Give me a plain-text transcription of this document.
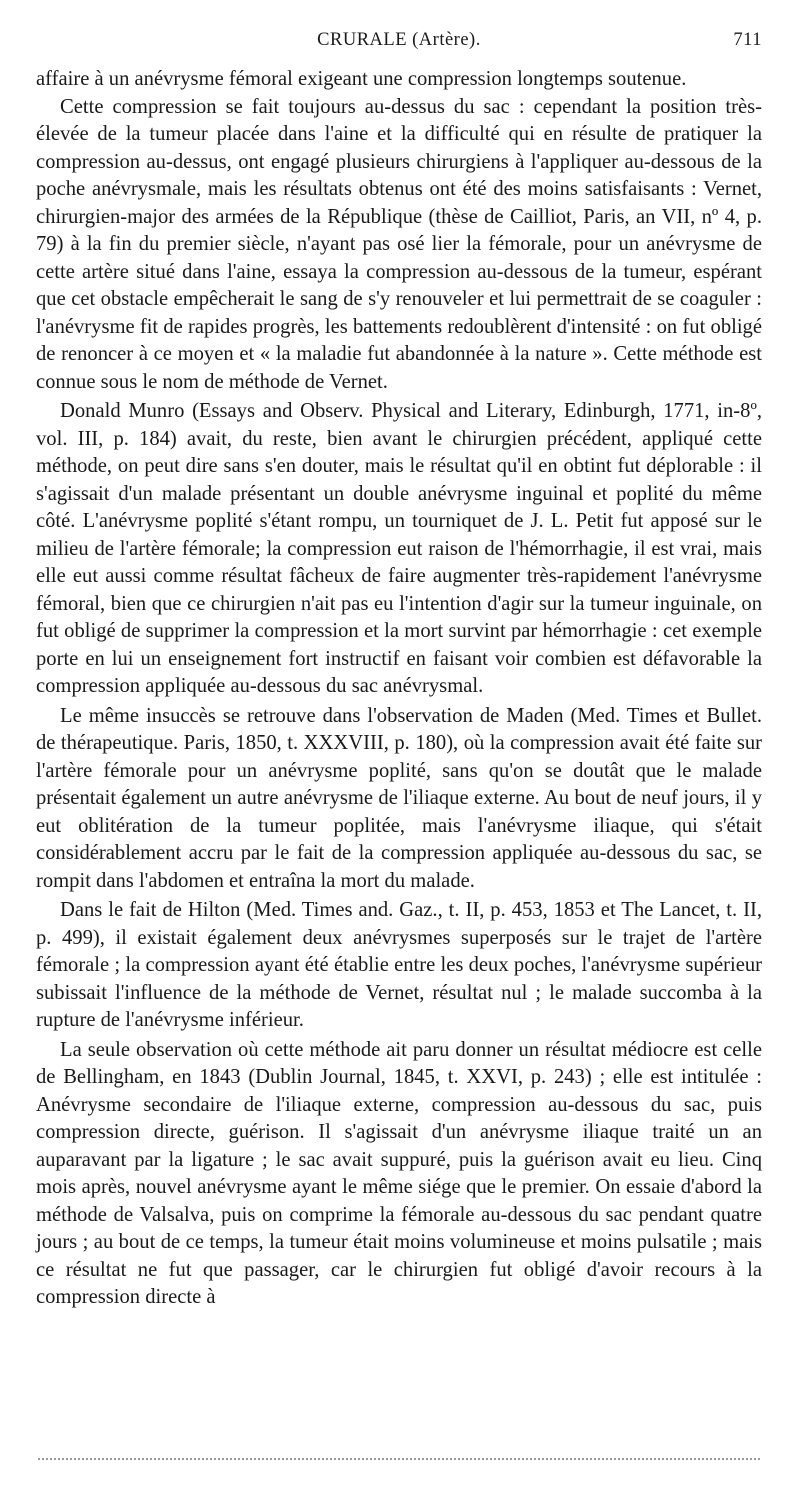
CRURALE (Artère).	711

affaire à un anévrysme fémoral exigeant une compression longtemps soutenue.

Cette compression se fait toujours au-dessus du sac : cependant la position très-élevée de la tumeur placée dans l'aine et la difficulté qui en résulte de pratiquer la compression au-dessus, ont engagé plusieurs chirurgiens à l'appliquer au-dessous de la poche anévrysmale, mais les résultats obtenus ont été des moins satisfaisants : Vernet, chirurgien-major des armées de la République (thèse de Cailliot, Paris, an VII, nº 4, p. 79) à la fin du premier siècle, n'ayant pas osé lier la fémorale, pour un anévrysme de cette artère situé dans l'aine, essaya la compression au-dessous de la tumeur, espérant que cet obstacle empêcherait le sang de s'y renouveler et lui permettrait de se coaguler : l'anévrysme fit de rapides progrès, les battements redoublèrent d'intensité : on fut obligé de renoncer à ce moyen et « la maladie fut abandonnée à la nature ». Cette méthode est connue sous le nom de méthode de Vernet.

Donald Munro (Essays and Observ. Physical and Literary, Edinburgh, 1771, in-8º, vol. III, p. 184) avait, du reste, bien avant le chirurgien précédent, appliqué cette méthode, on peut dire sans s'en douter, mais le résultat qu'il en obtint fut déplorable : il s'agissait d'un malade présentant un double anévrysme inguinal et poplité du même côté. L'anévrysme poplité s'étant rompu, un tourniquet de J. L. Petit fut apposé sur le milieu de l'artère fémorale; la compression eut raison de l'hémorrhagie, il est vrai, mais elle eut aussi comme résultat fâcheux de faire augmenter très-rapidement l'anévrysme fémoral, bien que ce chirurgien n'ait pas eu l'intention d'agir sur la tumeur inguinale, on fut obligé de supprimer la compression et la mort survint par hémorrhagie : cet exemple porte en lui un enseignement fort instructif en faisant voir combien est défavorable la compression appliquée au-dessous du sac anévrysmal.

Le même insuccès se retrouve dans l'observation de Maden (Med. Times et Bullet. de thérapeutique. Paris, 1850, t. XXXVIII, p. 180), où la compression avait été faite sur l'artère fémorale pour un anévrysme poplité, sans qu'on se doutât que le malade présentait également un autre anévrysme de l'iliaque externe. Au bout de neuf jours, il y eut oblitération de la tumeur poplitée, mais l'anévrysme iliaque, qui s'était considérablement accru par le fait de la compression appliquée au-dessous du sac, se rompit dans l'abdomen et entraîna la mort du malade.

Dans le fait de Hilton (Med. Times and. Gaz., t. II, p. 453, 1853 et The Lancet, t. II, p. 499), il existait également deux anévrysmes superposés sur le trajet de l'artère fémorale ; la compression ayant été établie entre les deux poches, l'anévrysme supérieur subissait l'influence de la méthode de Vernet, résultat nul ; le malade succomba à la rupture de l'anévrysme inférieur.

La seule observation où cette méthode ait paru donner un résultat médiocre est celle de Bellingham, en 1843 (Dublin Journal, 1845, t. XXVI, p. 243) ; elle est intitulée : Anévrysme secondaire de l'iliaque externe, compression au-dessous du sac, puis compression directe, guérison. Il s'agissait d'un anévrysme iliaque traité un an auparavant par la ligature ; le sac avait suppuré, puis la guérison avait eu lieu. Cinq mois après, nouvel anévrysme ayant le même siége que le premier. On essaie d'abord la méthode de Valsalva, puis on comprime la fémorale au-dessous du sac pendant quatre jours ; au bout de ce temps, la tumeur était moins volumineuse et moins pulsatile ; mais ce résultat ne fut que passager, car le chirurgien fut obligé d'avoir recours à la compression directe à
